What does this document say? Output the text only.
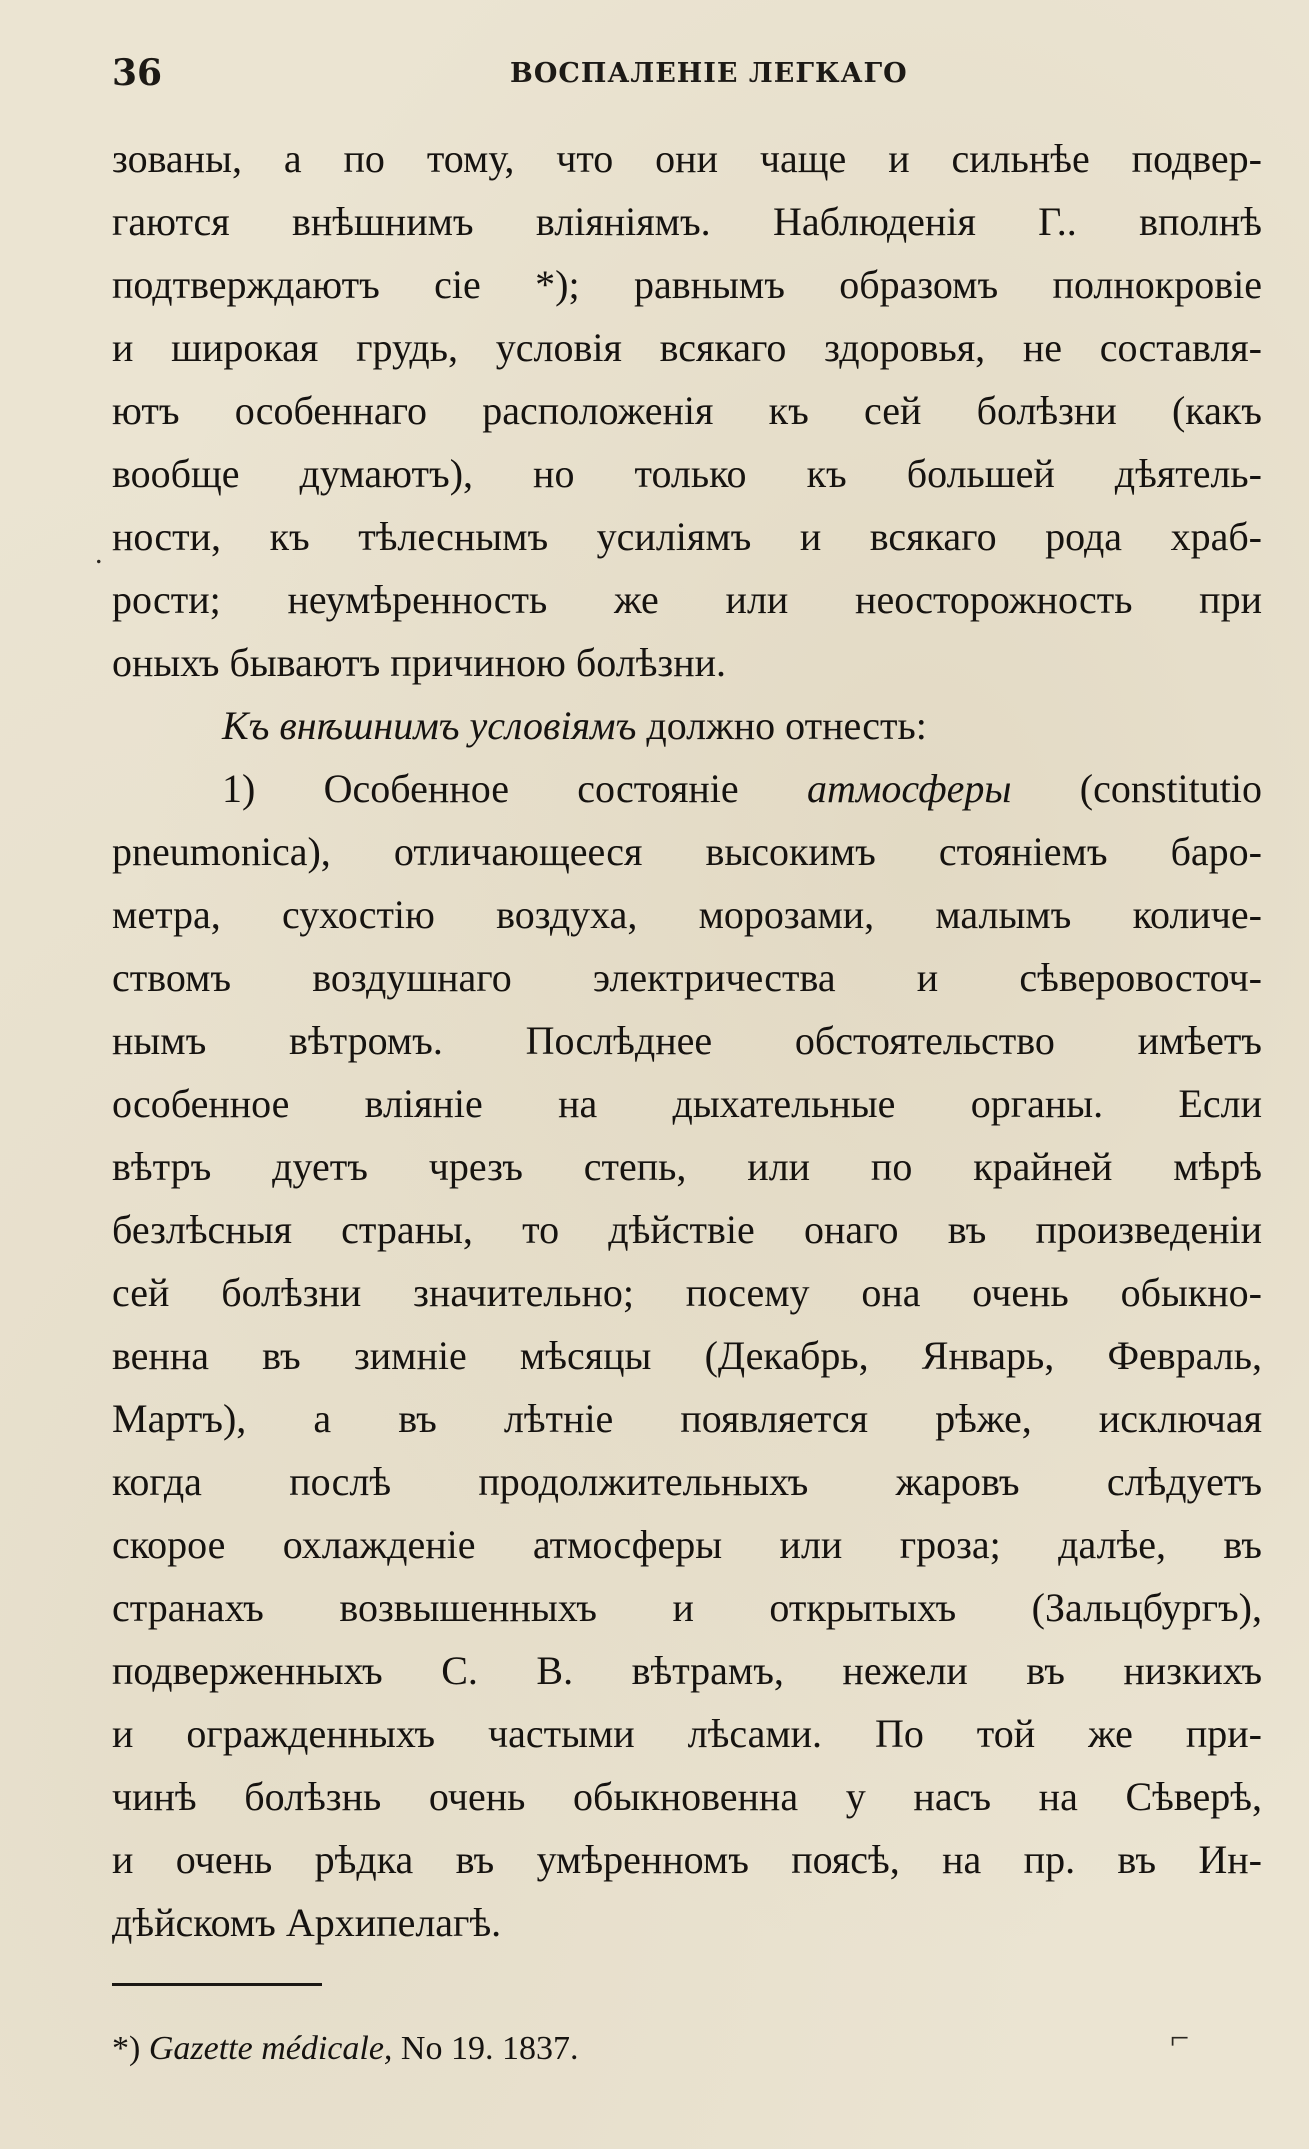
36	ВОСПАЛЕНІЕ ЛЕГКАГО
.
зованы, а по тому, что они чаще и сильнѣе подвер-
гаются внѣшнимъ вліяніямъ. Наблюденія Г.. вполнѣ
подтверждаютъ сіе *); равнымъ образомъ полнокровіе
и широкая грудь, условія всякаго здоровья, не составля-
ютъ особеннаго расположенія къ сей болѣзни (какъ
вообще думаютъ), но только къ большей дѣятель-
ности, къ тѣлеснымъ усиліямъ и всякаго рода храб-
рости; неумѣренность же или неосторожность при
оныхъ бываютъ причиною болѣзни.
Къ внѣшнимъ условіямъ должно отнесть:
1) Особенное состояніе атмосферы (constitutio
pneumonica), отличающееся высокимъ стояніемъ баро-
метра, сухостію воздуха, морозами, малымъ количе-
ствомъ воздушнаго электричества и сѣверовосточ-
нымъ вѣтромъ. Послѣднее обстоятельство имѣетъ
особенное вліяніе на дыхательные органы. Если
вѣтръ дуетъ чрезъ степь, или по крайней мѣрѣ
безлѣсныя страны, то дѣйствіе онаго въ произведеніи
сей болѣзни значительно; посему она очень обыкно-
венна въ зимніе мѣсяцы (Декабрь, Январь, Февраль,
Мартъ), а въ лѣтніе появляется рѣже, исключая
когда послѣ продолжительныхъ жаровъ слѣдуетъ
скорое охлажденіе атмосферы или гроза; далѣе, въ
странахъ возвышенныхъ и открытыхъ (Зальцбургъ),
подверженныхъ С. В. вѣтрамъ, нежели въ низкихъ
и огражденныхъ частыми лѣсами. По той же при-
чинѣ болѣзнь очень обыкновенна у насъ на Сѣверѣ,
и очень рѣдка въ умѣренномъ поясѣ, на пр. въ Ин-
дѣйскомъ Архипелагѣ.
*) Gazette médicale, No 19. 1837.	⌐
